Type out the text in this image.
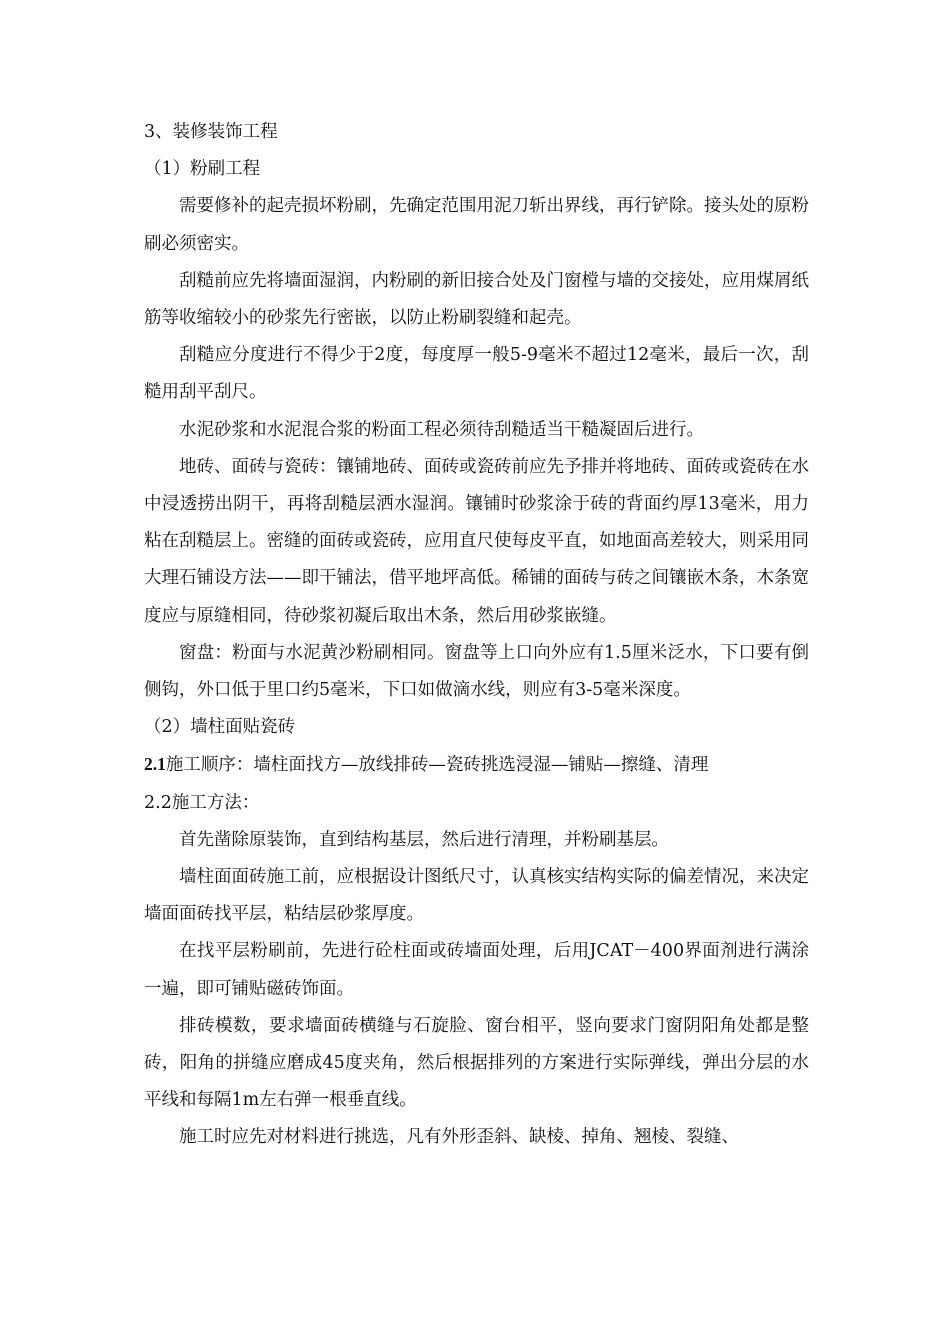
3、装修装饰工程

（1）粉刷工程

需要修补的起壳损坏粉刷，先确定范围用泥刀斩出界线，再行铲除。接头处的原粉刷必须密实。

刮糙前应先将墙面湿润，内粉刷的新旧接合处及门窗樘与墙的交接处，应用煤屑纸筋等收缩较小的砂浆先行密嵌，以防止粉刷裂缝和起壳。

刮糙应分度进行不得少于2度，每度厚一般5-9毫米不超过12毫米，最后一次，刮糙用刮平刮尺。

水泥砂浆和水泥混合浆的粉面工程必须待刮糙适当干糙凝固后进行。

地砖、面砖与瓷砖：镶铺地砖、面砖或瓷砖前应先予排并将地砖、面砖或瓷砖在水中浸透捞出阴干，再将刮糙层洒水湿润。镶铺时砂浆涂于砖的背面约厚13毫米，用力粘在刮糙层上。密缝的面砖或瓷砖，应用直尺使每皮平直，如地面高差较大，则采用同大理石铺设方法——即干铺法，借平地坪高低。稀铺的面砖与砖之间镶嵌木条，木条宽度应与原缝相同，待砂浆初凝后取出木条，然后用砂浆嵌缝。

窗盘：粉面与水泥黄沙粉刷相同。窗盘等上口向外应有1.5厘米泛水，下口要有倒侧钩，外口低于里口约5毫米，下口如做滴水线，则应有3-5毫米深度。

（2）墙柱面贴瓷砖

2.1施工顺序：墙柱面找方—放线排砖—瓷砖挑选浸湿—铺贴—擦缝、清理

2.2施工方法：

首先凿除原装饰，直到结构基层，然后进行清理，并粉刷基层。

墙柱面面砖施工前，应根据设计图纸尺寸，认真核实结构实际的偏差情况，来决定墙面面砖找平层，粘结层砂浆厚度。

在找平层粉刷前，先进行砼柱面或砖墙面处理，后用JCAT－400界面剂进行满涂一遍，即可铺贴磁砖饰面。

排砖模数，要求墙面砖横缝与石旋脸、窗台相平，竖向要求门窗阴阳角处都是整砖，阳角的拼缝应磨成45度夹角，然后根据排列的方案进行实际弹线，弹出分层的水平线和每隔1m左右弹一根垂直线。

施工时应先对材料进行挑选，凡有外形歪斜、缺棱、掉角、翘棱、裂缝、
